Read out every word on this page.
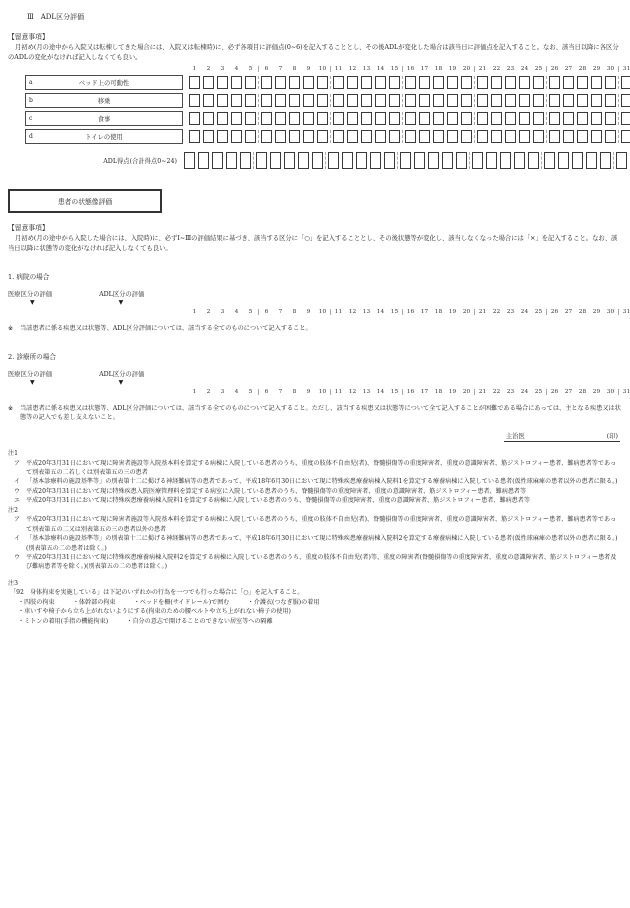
Ⅲ　ADL区分評価
【留意事項】
月初め(月の途中から入院又は転棟してきた場合には、入院又は転棟時)に、必ず各項目に評価点(0~6)を記入することとし、その後ADLが変化した場合は該当日に評価点を記入すること。なお、該当日以降に各区分のADLの変化がなければ記入しなくても良い。
1	2	3	4	5	6	7	8	9	10	11	12	13	14	15	16	17	18	19	20	21	22	23	24	25	26	27	28	29	30	31
a	ベッド上の可動性
b	移乗
c	食事
d	トイレの使用
ADL得点(合計得点0~24)
患者の状態像評価
【留意事項】
月初め(月の途中から入院した場合には、入院時)に、必ずⅠ~Ⅲの評価結果に基づき、該当する区分に「○」を記入することとし、その後状態等が変化し、該当しなくなった場合には「×」を記入すること。なお、該当日以降に状態等の変化がなければ記入しなくても良い。
1. 病院の場合
医療区分の評価	ADL区分の評価
▼	▼
1	2	3	4	5	6	7	8	9	10	11	12	13	14	15	16	17	18	19	20	21	22	23	24	25	26	27	28	29	30	31
※	当該患者に係る疾患又は状態等、ADL区分評価については、該当する全てのものについて記入すること。
2. 診療所の場合
医療区分の評価	ADL区分の評価
▼	▼
1	2	3	4	5	6	7	8	9	10	11	12	13	14	15	16	17	18	19	20	21	22	23	24	25	26	27	28	29	30	31
※	当該患者に係る疾患又は状態等、ADL区分評価については、該当する全てのものについて記入すること。ただし、該当する疾患又は状態等について全て記入することが困難である場合にあっては、主となる疾患又は状態等の記入でも差し支えないこと。
主治医	(印)
注1
ア 平成20年3月31日において現に障害者施設等入院基本料を算定する病棟に入院している患者のうち、重度の肢体不自由児(者)、脊髄損傷等の重度障害者、重度の意識障害者、筋ジストロフィー患者、難病患者等であって別表第五の二若しくは別表第五の三の患者
イ 「基本診療料の施設基準等」の別表第十二に掲げる神経難病等の患者であって、平成18年6月30日において現に特殊疾患療養病棟入院料1を算定する療養病棟に入院している患者(仮性球麻痺の患者以外の患者に限る。)
ウ 平成20年3月31日において現に特殊疾患入院医療管理料を算定する病室に入院している患者のうち、脊髄損傷等の重度障害者、重度の意識障害者、筋ジストロフィー患者、難病患者等
エ 平成20年3月31日において現に特殊疾患療養病棟入院料1を算定する病棟に入院している患者のうち、脊髄損傷等の重度障害者、重度の意識障害者、筋ジストロフィー患者、難病患者等
注2
ア 平成20年3月31日において現に障害者施設等入院基本料を算定する病棟に入院している患者のうち、重度の肢体不自由児(者)、脊髄損傷等の重度障害者、重度の意識障害者、筋ジストロフィー患者、難病患者等であって別表第五の二又は別表第五の三の患者以外の患者
イ 「基本診療料の施設基準等」の別表第十二に掲げる神経難病等の患者であって、平成18年6月30日において現に特殊疾患療養病棟入院料2を算定する療養病棟に入院している患者(仮性球麻痺の患者以外の患者に限る。)(別表第五の二の患者は除く。)
ウ 平成20年3月31日において現に特殊疾患療養病棟入院料2を算定する病棟に入院している患者のうち、重度の肢体不自由児(者)等、重度の障害者(脊髄損傷等の重度障害者、重度の意識障害者、筋ジストロフィー患者及び難病患者等を除く。)(別表第五の二の患者は除く。)
注3
「92　身体拘束を実施している」は下記のいずれかの行為を一つでも行った場合に「○」を記入すること。
・四肢の拘束　　　・体幹部の拘束　　　・ベッドを柵(サイドレール)で囲む　　　・介護衣(つなぎ服)の着用
・車いすや椅子から立ち上がれないようにする(拘束のための腰ベルトや立ち上がれない椅子の使用)
・ミトンの着用(手指の機能拘束)　　　・自分の意志で開けることのできない居室等への隔離
